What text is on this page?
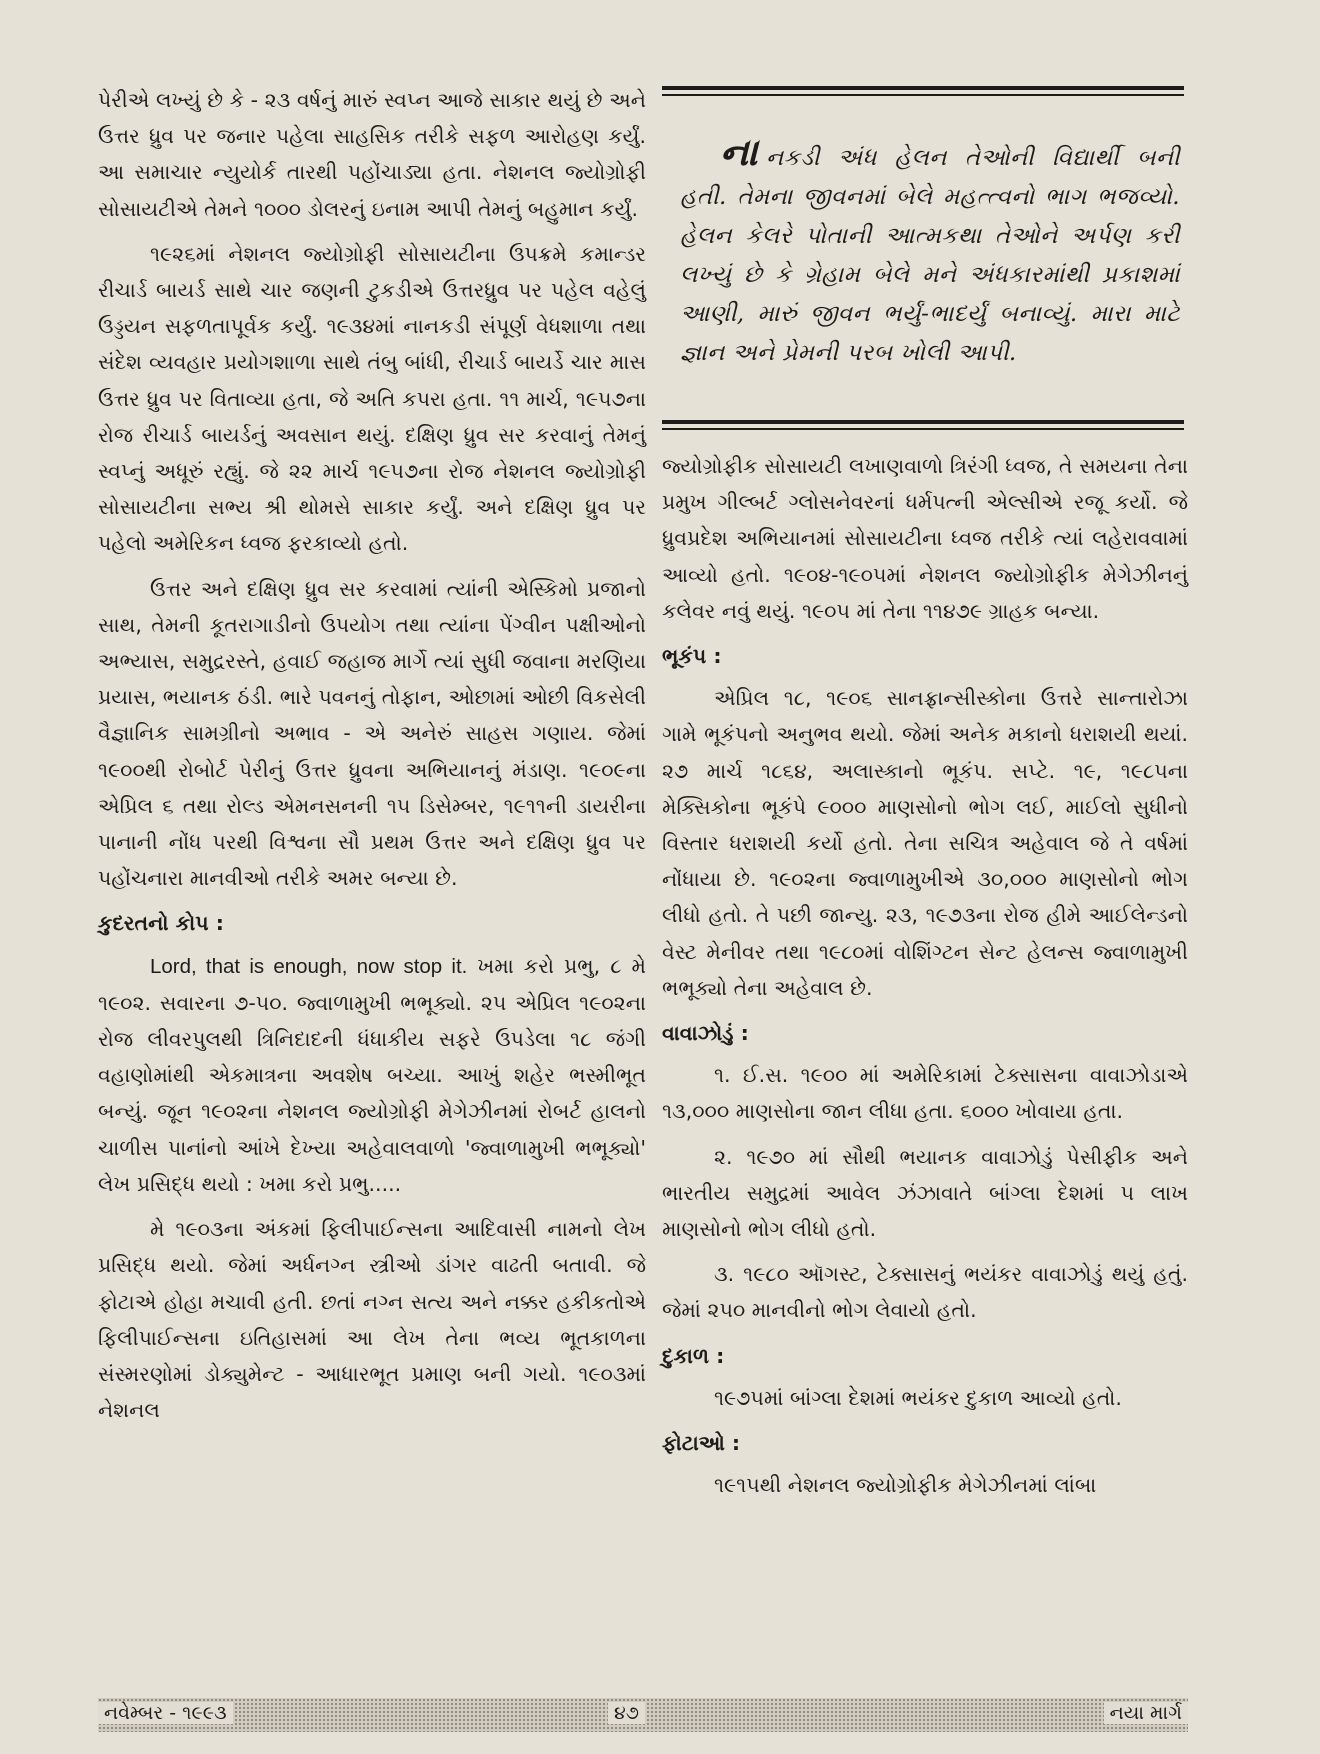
પેરીએ લખ્યું છે કે - ૨૩ વર્ષનું મારું સ્વપ્ન આજે સાકાર થયું છે અને ઉત્તર ધ્રુવ પર જનાર પહેલા સાહસિક તરીકે સફળ આરોહણ કર્યું. આ સમાચાર ન્યુયોર્ક તારથી પહોંચાડ્યા હતા. નેશનલ જ્યોગ્રોફી સોસાયટીએ તેમને ૧૦૦૦ ડોલરનું ઇનામ આપી તેમનું બહુમાન કર્યું.

૧૯૨૬માં નેશનલ જ્યોગ્રોફી સોસાયટીના ઉપક્રમે કમાન્ડર રીચાર્ડ બાયર્ડ સાથે ચાર જણની ટુકડીએ ઉત્તરધ્રુવ પર પહેલ વહેલું ઉડ્ડયન સફળતાપૂર્વક કર્યું. ૧૯૩૪માં નાનકડી સંપૂર્ણ વેધશાળા તથા સંદેશ વ્યવહાર પ્રયોગશાળા સાથે તંબુ બાંધી, રીચાર્ડ બાયર્ડે ચાર માસ ઉત્તર ધ્રુવ પર વિતાવ્યા હતા, જે અતિ કપરા હતા. ૧૧ માર્ચ, ૧૯૫૭ના રોજ રીચાર્ડ બાયર્ડનું અવસાન થયું. દક્ષિણ ધ્રુવ સર કરવાનું તેમનું સ્વપ્નું અધૂરું રહ્યું. જે ૨૨ માર્ચ ૧૯૫૭ના રોજ નેશનલ જ્યોગ્રોફી સોસાયટીના સભ્ય શ્રી થોમસે સાકાર કર્યું. અને દક્ષિણ ધ્રુવ પર પહેલો અમેરિકન ધ્વજ ફરકાવ્યો હતો.

ઉત્તર અને દક્ષિણ ધ્રુવ સર કરવામાં ત્યાંની એસ્કિમો પ્રજાનો સાથ, તેમની કૂતરાગાડીનો ઉપયોગ તથા ત્યાંના પેંગ્વીન પક્ષીઓનો અભ્યાસ, સમુદ્રરસ્તે, હવાઈ જહાજ માર્ગે ત્યાં સુધી જવાના મરણિયા પ્રયાસ, ભયાનક ઠંડી. ભારે પવનનું તોફાન, ઓછામાં ઓછી વિકસેલી વૈજ્ઞાનિક સામગ્રીનો અભાવ - એ અનેરું સાહસ ગણાય. જેમાં ૧૯૦૦થી રોબોર્ટ પેરીનું ઉત્તર ધ્રુવના અભિયાનનું મંડાણ. ૧૯૦૯ના એપ્રિલ ૬ તથા રોલ્ડ એમનસનની ૧૫ ડિસેમ્બર, ૧૯૧૧ની ડાયરીના પાનાની નોંધ પરથી વિશ્વના સૌ પ્રથમ ઉત્તર અને દક્ષિણ ધ્રુવ પર પહોંચનારા માનવીઓ તરીકે અમર બન્યા છે.

કુદરતનો કોપ :

Lord, that is enough, now stop it. ખમા કરો પ્રભુ, ૮ મે ૧૯૦૨. સવારના ૭-૫૦. જ્વાળામુખી ભભૂક્યો. ૨૫ એપ્રિલ ૧૯૦૨ના રોજ લીવરપુલથી ત્રિનિદાદની ધંધાકીય સફરે ઉપડેલા ૧૮ જંગી વહાણોમાંથી એકમાત્રના અવશેષ બચ્યા. આખું શહેર ભસ્મીભૂત બન્યું. જૂન ૧૯૦૨ના નેશનલ જ્યોગ્રોફી મેગેઝીનમાં રોબર્ટ હાલનો ચાળીસ પાનાંનો આંખે દેખ્યા અહેવાલવાળો 'જ્વાળામુખી ભભૂક્યો' લેખ પ્રસિદ્ધ થયો : ખમા કરો પ્રભુ.....

મે ૧૯૦૩ના અંકમાં ફિલીપાઈન્સના આદિવાસી નામનો લેખ પ્રસિદ્ધ થયો. જેમાં અર્ધનગ્ન સ્ત્રીઓ ડાંગર વાઢતી બતાવી. જે ફોટાએ હોહા મચાવી હતી. છતાં નગ્ન સત્ય અને નક્કર હકીકતોએ ફિલીપાઈન્સના ઇતિહાસમાં આ લેખ તેના ભવ્ય ભૂતકાળના સંસ્મરણોમાં ડોક્યુમેન્ટ - આધારભૂત પ્રમાણ બની ગયો. ૧૯૦૩માં નેશનલ

નાનકડી અંધ હેલન તેઓની વિદ્યાર્થી બની હતી. તેમના જીવનમાં બેલે મહત્ત્વનો ભાગ ભજવ્યો. હેલન કેલરે પોતાની આત્મકથા તેઓને અર્પણ કરી લખ્યું છે કે ગ્રેહામ બેલે મને અંધકારમાંથી પ્રકાશમાં આણી, મારું જીવન ભર્યું-ભાદર્યું બનાવ્યું. મારા માટે જ્ઞાન અને પ્રેમની પરબ ખોલી આપી.

જ્યોગ્રોફીક સોસાયટી લખાણવાળો ત્રિરંગી ધ્વજ, તે સમયના તેના પ્રમુખ ગીલ્બર્ટ ગ્લોસનેવરનાં ધર્મપત્ની એલ્સીએ રજૂ કર્યો. જે ધ્રુવપ્રદેશ અભિયાનમાં સોસાયટીના ધ્વજ તરીકે ત્યાં લહેરાવવામાં આવ્યો હતો. ૧૯૦૪-૧૯૦૫માં નેશનલ જ્યોગ્રોફીક મેગેઝીનનું કલેવર નવું થયું. ૧૯૦૫ માં તેના ૧૧૪૭૯ ગ્રાહક બન્યા.

ભૂકંપ :

એપ્રિલ ૧૮, ૧૯૦૬ સાનફ્રાન્સીસ્કોના ઉત્તરે સાન્તારોઝા ગામે ભૂકંપનો અનુભવ થયો. જેમાં અનેક મકાનો ધરાશયી થયાં. ૨૭ માર્ચ ૧૮૬૪, અલાસ્કાનો ભૂકંપ. સપ્ટે. ૧૯, ૧૯૮૫ના મેક્સિકોના ભૂકંપે ૯૦૦૦ માણસોનો ભોગ લઈ, માઈલો સુધીનો વિસ્તાર ધરાશયી કર્યો હતો. તેના સચિત્ર અહેવાલ જે તે વર્ષમાં નોંધાયા છે. ૧૯૦૨ના જ્વાળામુખીએ ૩૦,૦૦૦ માણસોનો ભોગ લીધો હતો. તે પછી જાન્યુ. ૨૩, ૧૯૭૩ના રોજ હીમે આઈલેન્ડનો વેસ્ટ મેનીવર તથા ૧૯૮૦માં વોશિંગ્ટન સેન્ટ હેલન્સ જ્વાળામુખી ભભૂક્યો તેના અહેવાલ છે.

વાવાઝોડું :

૧. ઈ.સ. ૧૯૦૦ માં અમેરિકામાં ટેક્સાસના વાવાઝોડાએ ૧૩,૦૦૦ માણસોના જાન લીધા હતા. ૬૦૦૦ ખોવાયા હતા.

૨. ૧૯૭૦ માં સૌથી ભયાનક વાવાઝોડું પેસીફીક અને ભારતીય સમુદ્રમાં આવેલ ઝંઝાવાતે બાંગ્લા દેશમાં ૫ લાખ માણસોનો ભોગ લીધો હતો.

૩. ૧૯૮૦ ઑગસ્ટ, ટેક્સાસનું ભયંકર વાવાઝોડું થયું હતું. જેમાં ૨૫૦ માનવીનો ભોગ લેવાયો હતો.

દુકાળ :

૧૯૭૫માં બાંગ્લા દેશમાં ભયંકર દુકાળ આવ્યો હતો.

ફોટાઓ :

૧૯૧૫થી નેશનલ જ્યોગ્રોફીક મેગેઝીનમાં લાંબા

નવેમ્બર - ૧૯૯૩	૪૭	નયા માર્ગ
